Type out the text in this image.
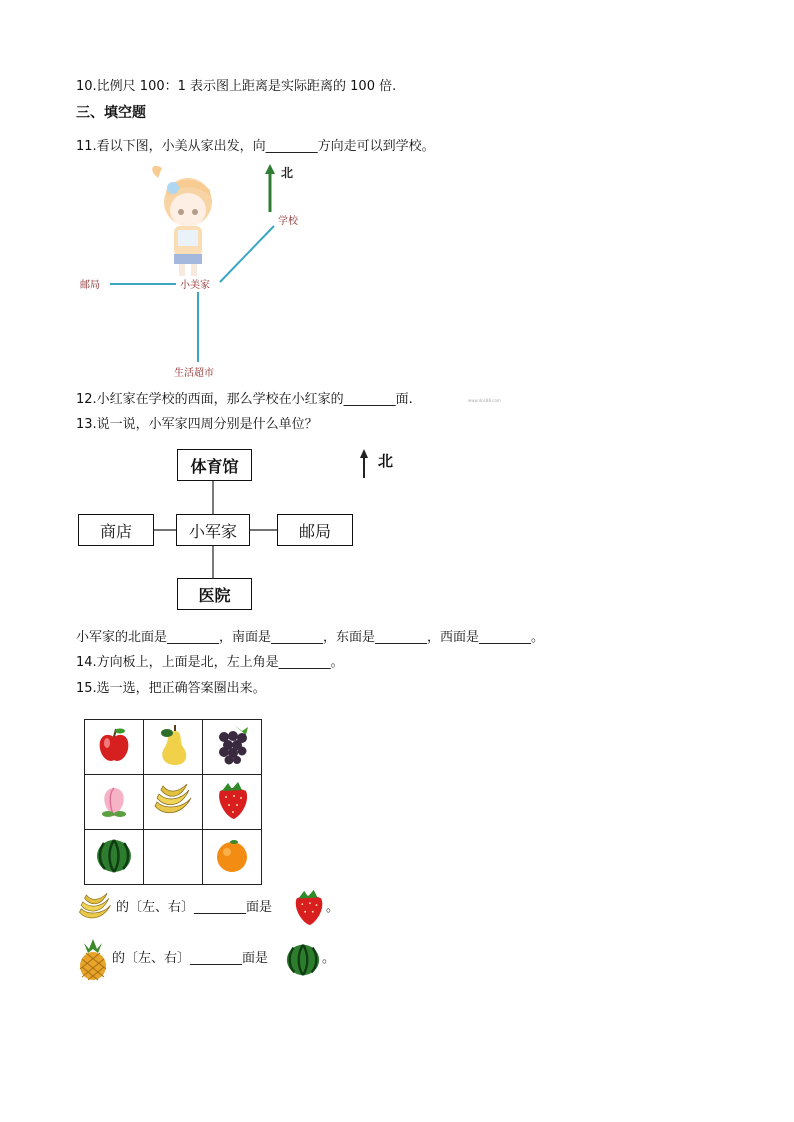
10.比例尺 100：1 表示图上距离是实际距离的 100 倍.
三、填空题
11.看以下图，小美从家出发，向________方向走可以到学校。
北
学校
小美家
邮局
生活超市
12.小红家在学校的西面，那么学校在小红家的________面.	www.doc88.com
13.说一说，小军家四周分别是什么单位？
北
体育馆
商店	小军家	邮局
医院
小军家的北面是________，南面是________，东面是________，西面是________。
14.方向板上，上面是北，左上角是________。
15.选一选，把正确答案圈出来。

的〔左、右〕________面是	。
的〔左、右〕________面是	。
